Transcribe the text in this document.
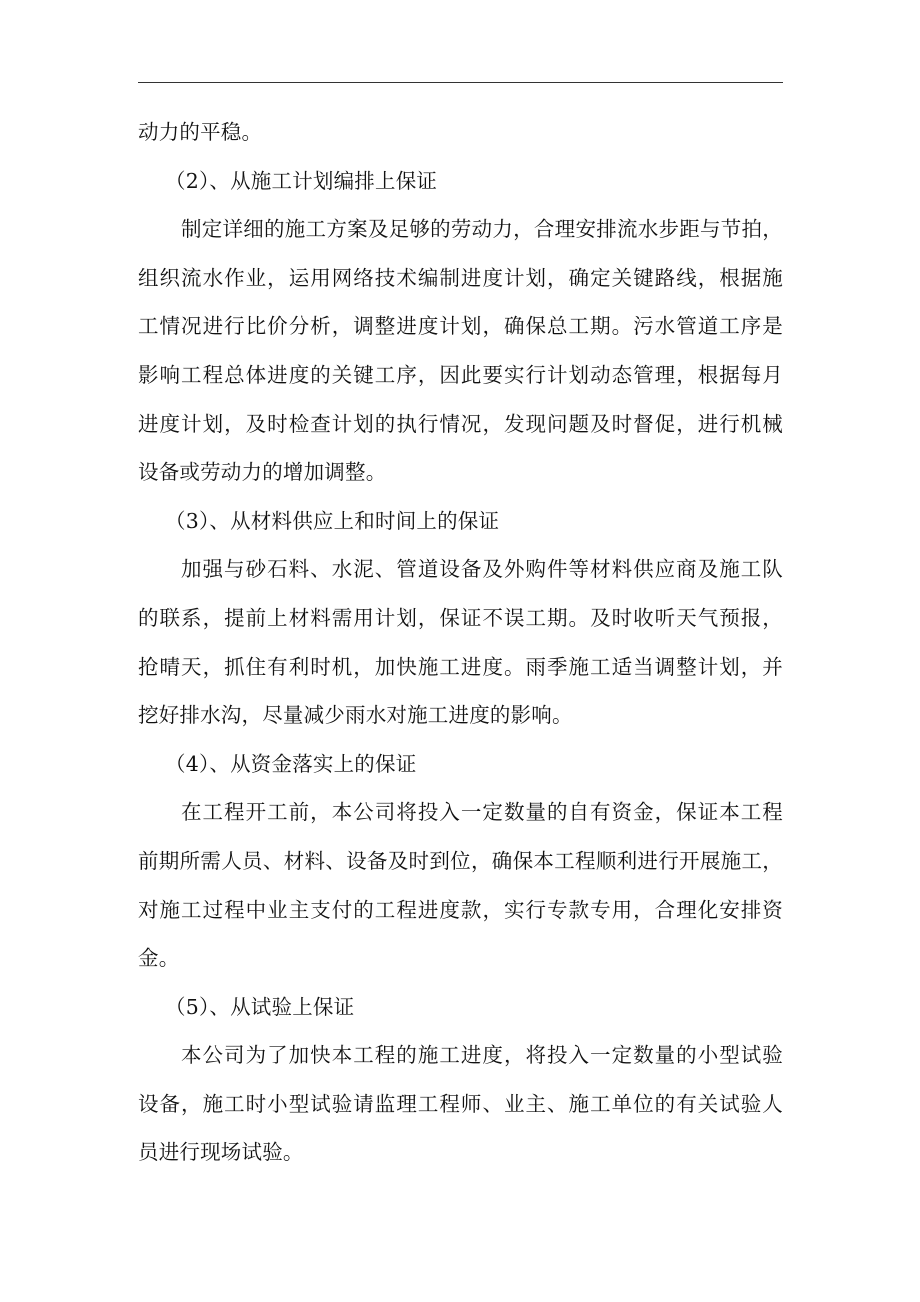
动力的平稳。
（2）、从施工计划编排上保证
制定详细的施工方案及足够的劳动力，合理安排流水步距与节拍，
组织流水作业，运用网络技术编制进度计划，确定关键路线，根据施
工情况进行比价分析，调整进度计划，确保总工期。污水管道工序是
影响工程总体进度的关键工序，因此要实行计划动态管理，根据每月
进度计划，及时检查计划的执行情况，发现问题及时督促，进行机械
设备或劳动力的增加调整。
（3）、从材料供应上和时间上的保证
加强与砂石料、水泥、管道设备及外购件等材料供应商及施工队
的联系，提前上材料需用计划，保证不误工期。及时收听天气预报，
抢晴天，抓住有利时机，加快施工进度。雨季施工适当调整计划，并
挖好排水沟，尽量减少雨水对施工进度的影响。
（4）、从资金落实上的保证
在工程开工前，本公司将投入一定数量的自有资金，保证本工程
前期所需人员、材料、设备及时到位，确保本工程顺利进行开展施工，
对施工过程中业主支付的工程进度款，实行专款专用，合理化安排资
金。
（5）、从试验上保证
本公司为了加快本工程的施工进度，将投入一定数量的小型试验
设备，施工时小型试验请监理工程师、业主、施工单位的有关试验人
员进行现场试验。
